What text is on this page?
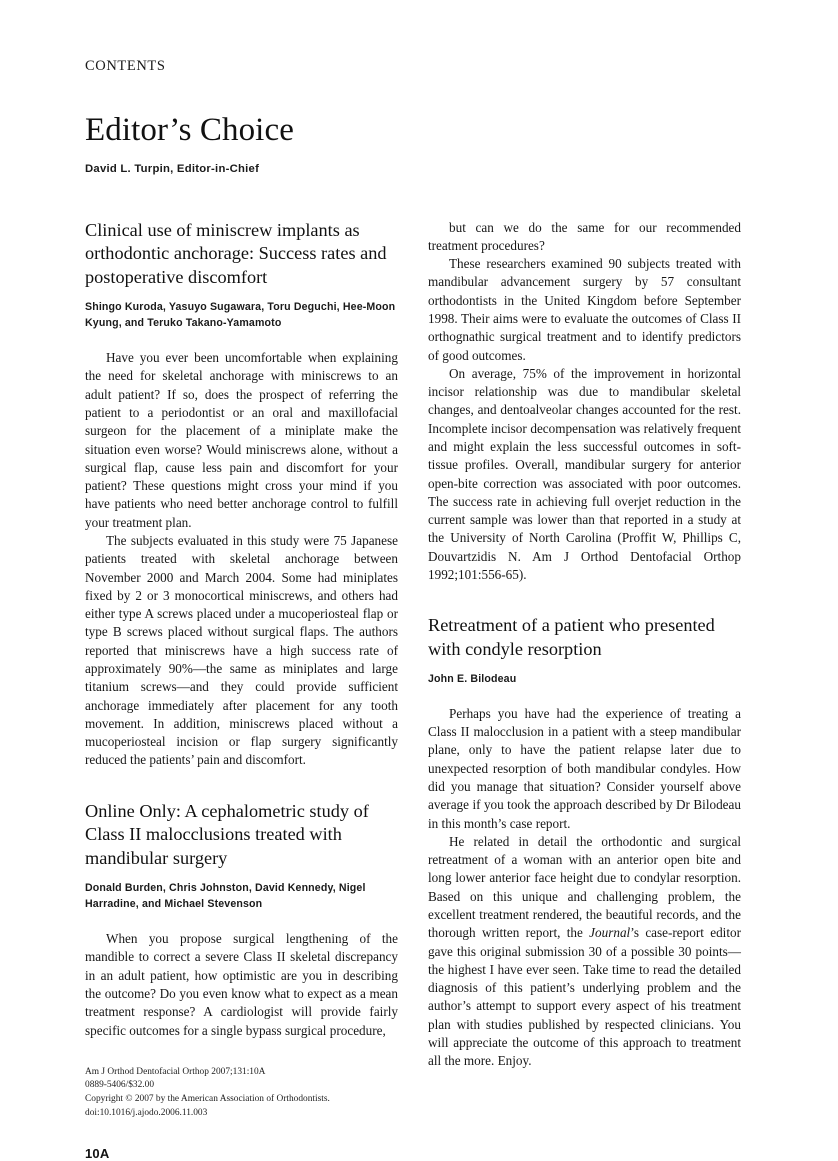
CONTENTS
Editor’s Choice
David L. Turpin, Editor-in-Chief
Clinical use of miniscrew implants as orthodontic anchorage: Success rates and postoperative discomfort
Shingo Kuroda, Yasuyo Sugawara, Toru Deguchi, Hee-Moon Kyung, and Teruko Takano-Yamamoto

Have you ever been uncomfortable when explaining the need for skeletal anchorage with miniscrews to an adult patient? If so, does the prospect of referring the patient to a periodontist or an oral and maxillofacial surgeon for the placement of a miniplate make the situation even worse? Would miniscrews alone, without a surgical flap, cause less pain and discomfort for your patient? These questions might cross your mind if you have patients who need better anchorage control to fulfill your treatment plan.

The subjects evaluated in this study were 75 Japanese patients treated with skeletal anchorage between November 2000 and March 2004. Some had miniplates fixed by 2 or 3 monocortical miniscrews, and others had either type A screws placed under a mucoperiosteal flap or type B screws placed without surgical flaps. The authors reported that miniscrews have a high success rate of approximately 90%—the same as miniplates and large titanium screws—and they could provide sufficient anchorage immediately after placement for any tooth movement. In addition, miniscrews placed without a mucoperiosteal incision or flap surgery significantly reduced the patients’ pain and discomfort.

Online Only: A cephalometric study of Class II malocclusions treated with mandibular surgery
Donald Burden, Chris Johnston, David Kennedy, Nigel Harradine, and Michael Stevenson

When you propose surgical lengthening of the mandible to correct a severe Class II skeletal discrepancy in an adult patient, how optimistic are you in describing the outcome? Do you even know what to expect as a mean treatment response? A cardiologist will provide fairly specific outcomes for a single bypass surgical procedure,

Am J Orthod Dentofacial Orthop 2007;131:10A
0889-5406/$32.00
Copyright © 2007 by the American Association of Orthodontists.
doi:10.1016/j.ajodo.2006.11.003
10A

but can we do the same for our recommended treatment procedures?

These researchers examined 90 subjects treated with mandibular advancement surgery by 57 consultant orthodontists in the United Kingdom before September 1998. Their aims were to evaluate the outcomes of Class II orthognathic surgical treatment and to identify predictors of good outcomes.

On average, 75% of the improvement in horizontal incisor relationship was due to mandibular skeletal changes, and dentoalveolar changes accounted for the rest. Incomplete incisor decompensation was relatively frequent and might explain the less successful outcomes in soft-tissue profiles. Overall, mandibular surgery for anterior open-bite correction was associated with poor outcomes. The success rate in achieving full overjet reduction in the current sample was lower than that reported in a study at the University of North Carolina (Proffit W, Phillips C, Douvartzidis N. Am J Orthod Dentofacial Orthop 1992;101:556-65).

Retreatment of a patient who presented with condyle resorption
John E. Bilodeau

Perhaps you have had the experience of treating a Class II malocclusion in a patient with a steep mandibular plane, only to have the patient relapse later due to unexpected resorption of both mandibular condyles. How did you manage that situation? Consider yourself above average if you took the approach described by Dr Bilodeau in this month’s case report.

He related in detail the orthodontic and surgical retreatment of a woman with an anterior open bite and long lower anterior face height due to condylar resorption. Based on this unique and challenging problem, the excellent treatment rendered, the beautiful records, and the thorough written report, the Journal’s case-report editor gave this original submission 30 of a possible 30 points—the highest I have ever seen. Take time to read the detailed diagnosis of this patient’s underlying problem and the author’s attempt to support every aspect of his treatment plan with studies published by respected clinicians. You will appreciate the outcome of this approach to treatment all the more. Enjoy.
